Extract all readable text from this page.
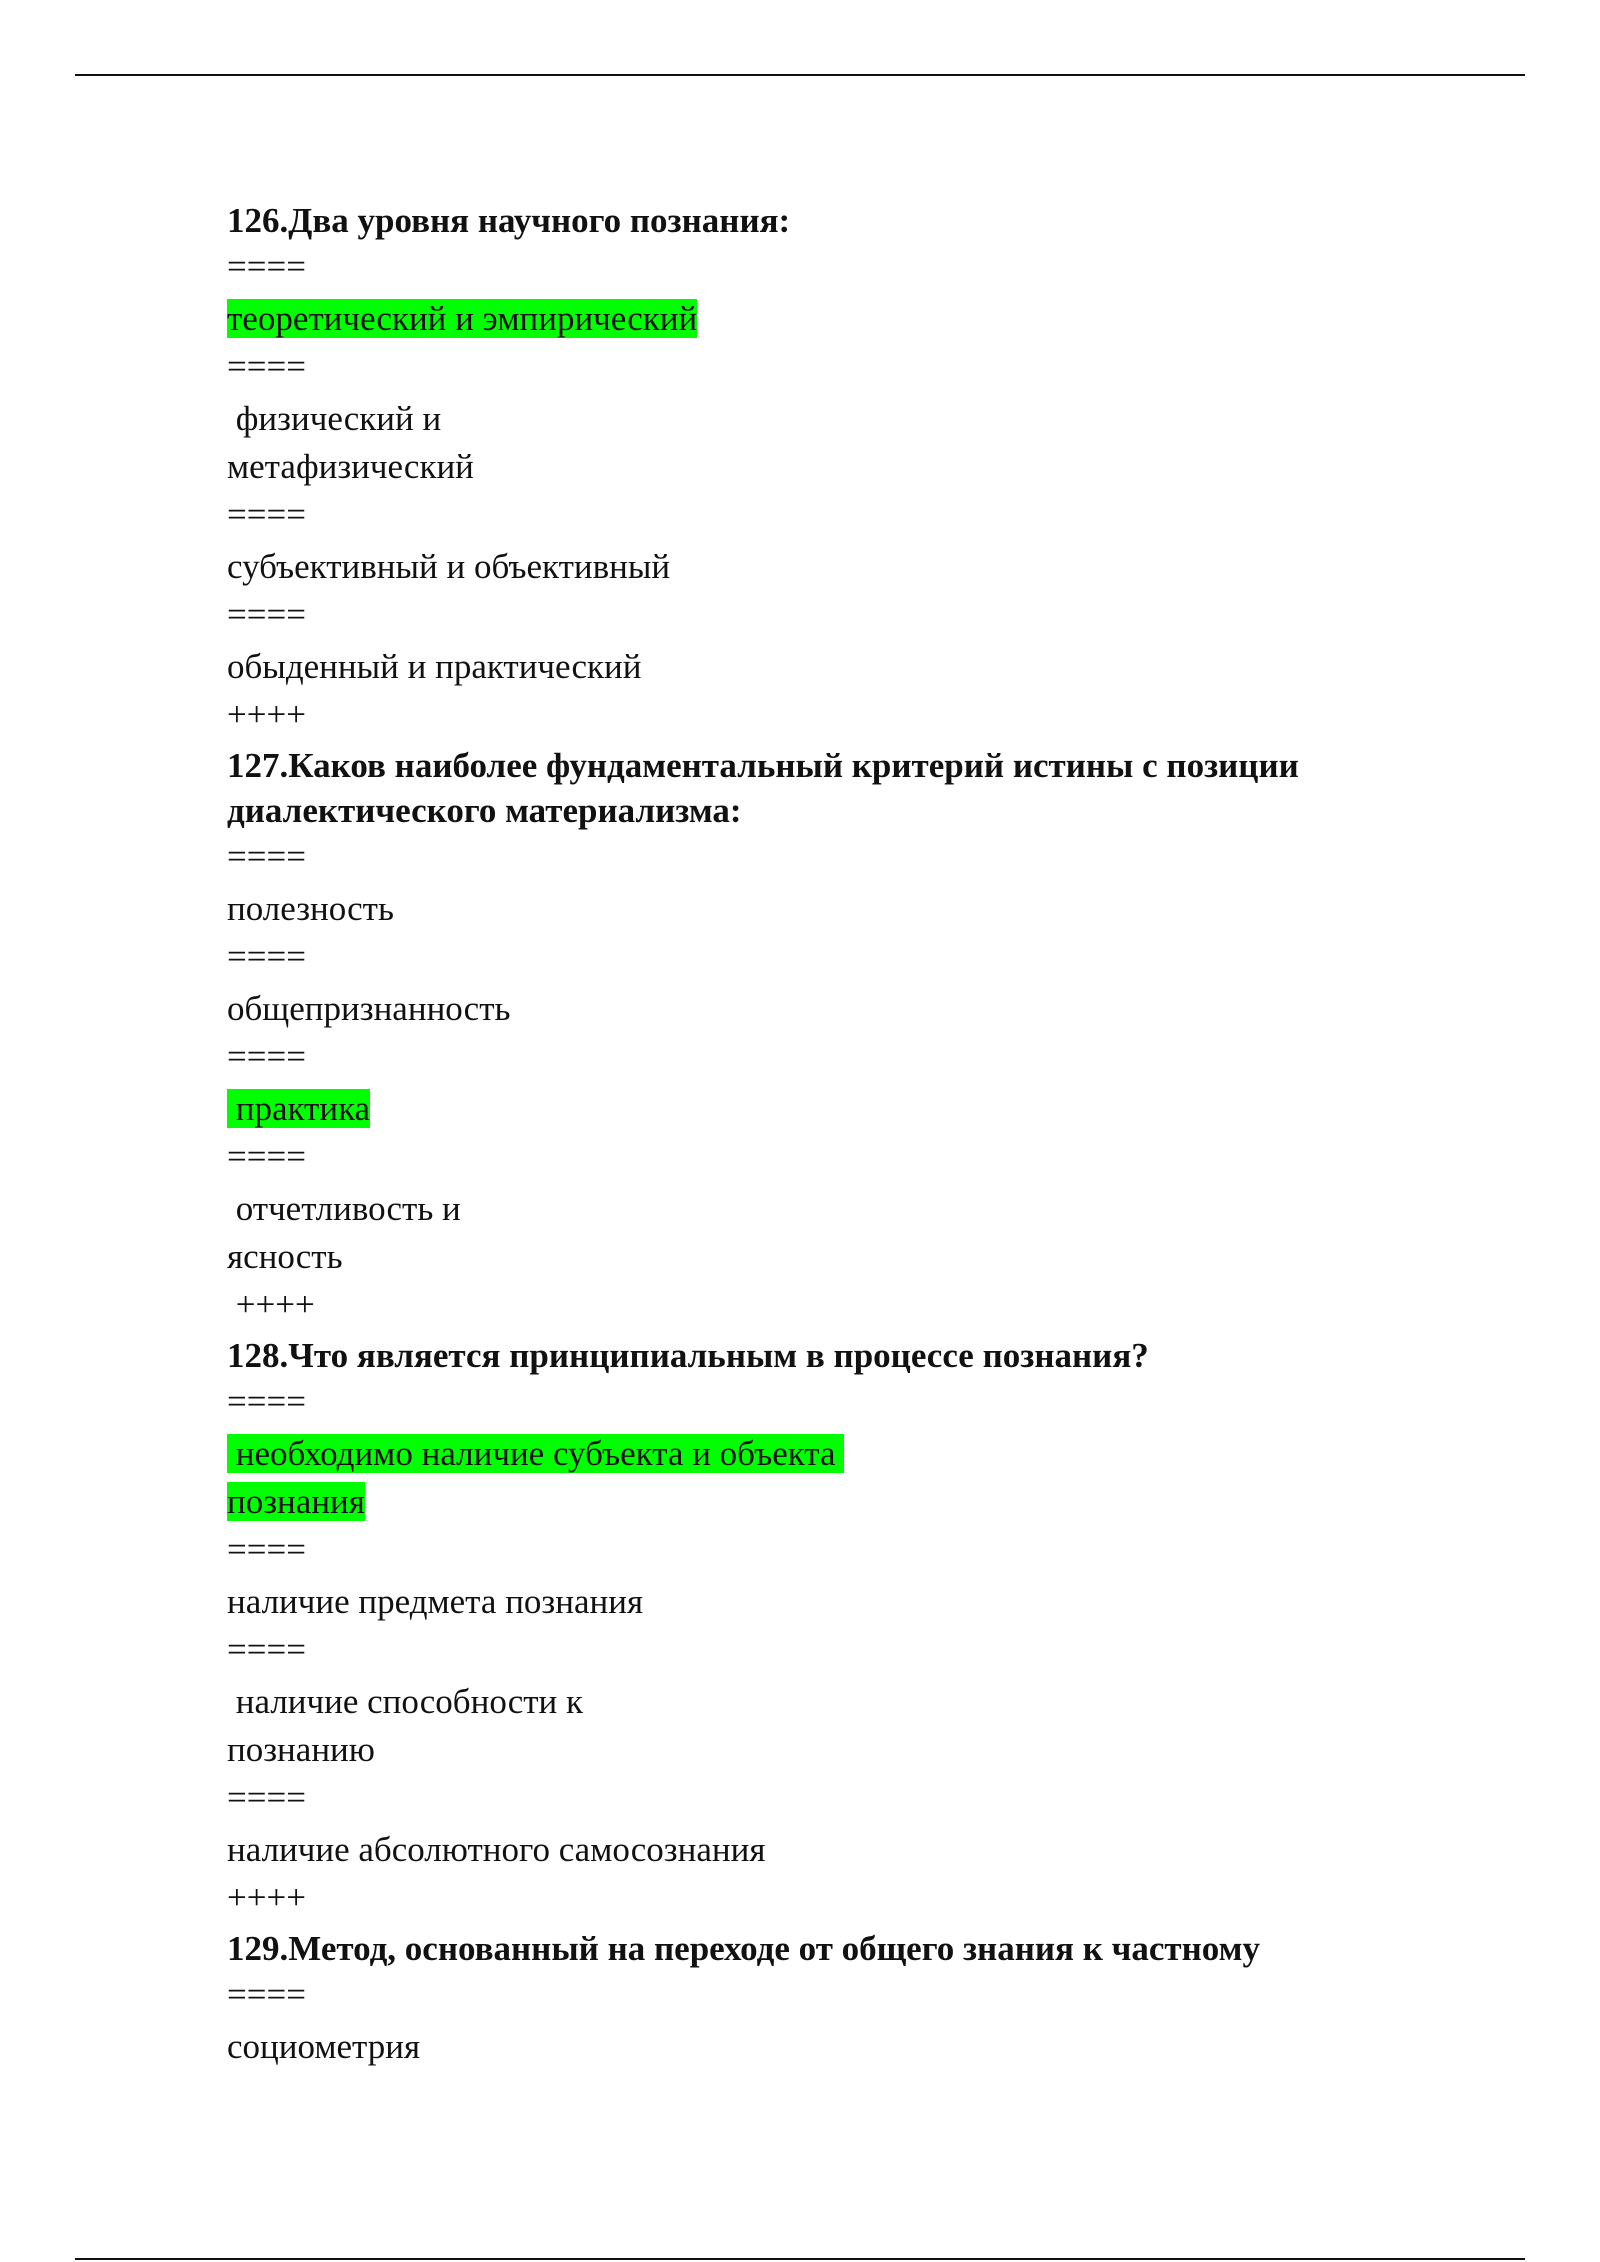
126.Два уровня научного познания:
====
теоретический и эмпирический
====
физический и
метафизический
====
субъективный и объективный
====
обыденный и практический
++++
127.Каков наиболее фундаментальный критерий истины с позиции диалектического материализма:
====
полезность
====
общепризнанность
====
практика
====
отчетливость и
ясность
++++
128.Что является принципиальным в процессе познания?
====
необходимо наличие субъекта и объекта
познания
====
наличие предмета познания
====
наличие способности к
познанию
====
наличие абсолютного самосознания
++++
129.Метод, основанный на переходе от общего знания к частному
====
социометрия
